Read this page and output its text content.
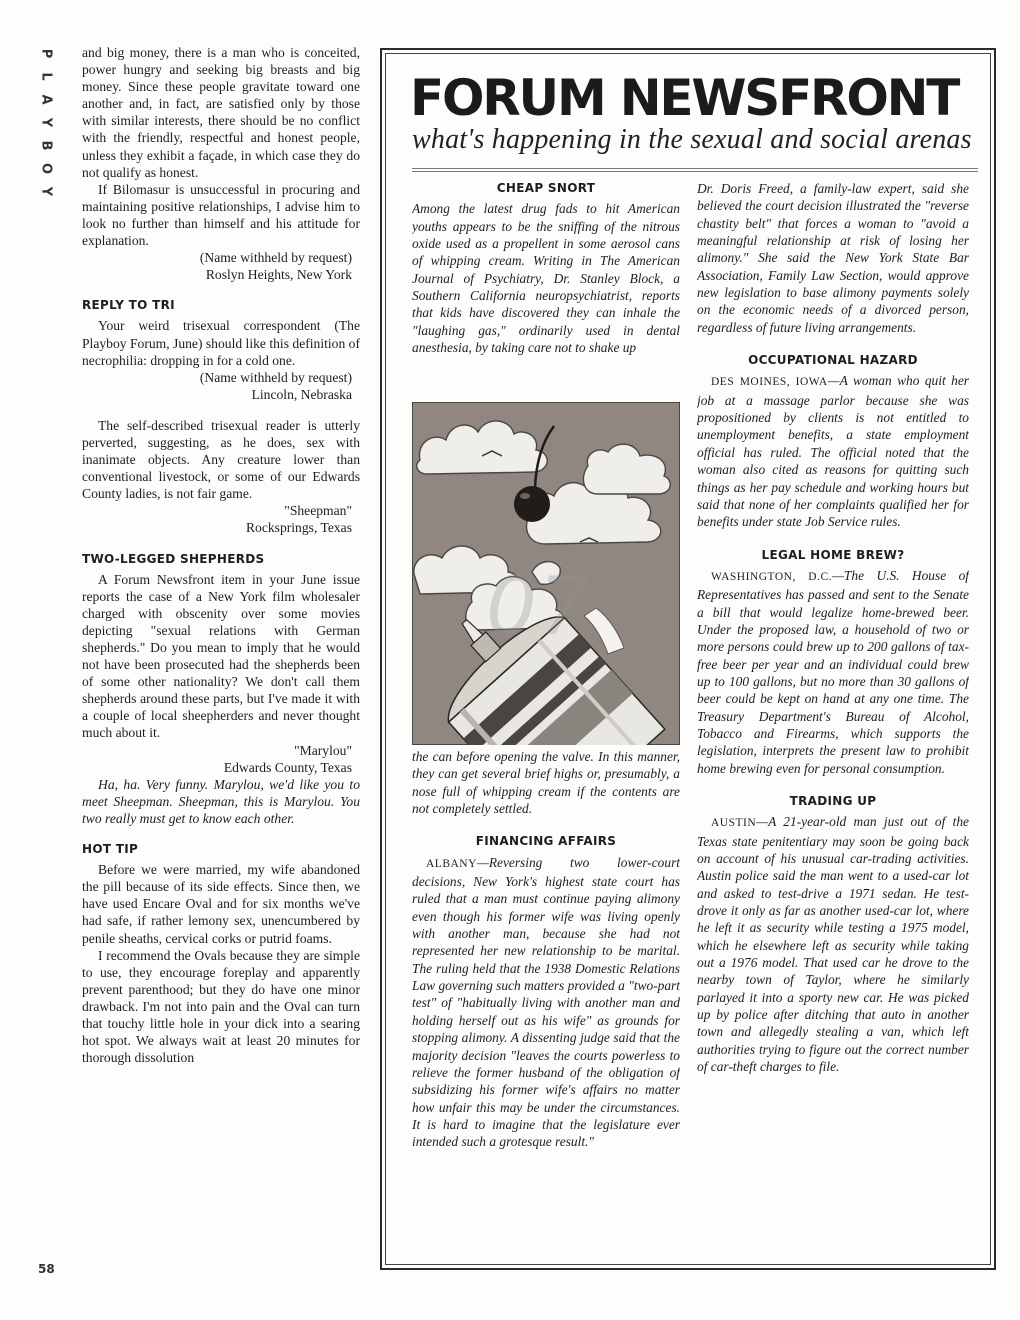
P
L
A
Y
B
O
Y
58

and big money, there is a man who is conceited, power hungry and seeking big breasts and big money. Since these people gravitate toward one another and, in fact, are satisfied only by those with similar interests, there should be no conflict with the friendly, respectful and honest people, unless they exhibit a façade, in which case they do not qualify as honest.

If Bilomasur is unsuccessful in procuring and maintaining positive relationships, I advise him to look no further than himself and his attitude for explanation.

(Name withheld by request)
Roslyn Heights, New York
REPLY TO TRI

Your weird trisexual correspondent (The Playboy Forum, June) should like this definition of necrophilia: dropping in for a cold one.

(Name withheld by request)
Lincoln, Nebraska

The self-described trisexual reader is utterly perverted, suggesting, as he does, sex with inanimate objects. Any creature lower than conventional livestock, or some of our Edwards County ladies, is not fair game.

"Sheepman"
Rocksprings, Texas
TWO-LEGGED SHEPHERDS

A Forum Newsfront item in your June issue reports the case of a New York film wholesaler charged with obscenity over some movies depicting "sexual relations with German shepherds." Do you mean to imply that he would not have been prosecuted had the shepherds been of some other nationality? We don't call them shepherds around these parts, but I've made it with a couple of local sheepherders and never thought much about it.

"Marylou"
Edwards County, Texas

Ha, ha. Very funny. Marylou, we'd like you to meet Sheepman. Sheepman, this is Marylou. You two really must get to know each other.

HOT TIP

Before we were married, my wife abandoned the pill because of its side effects. Since then, we have used Encare Oval and for six months we've had safe, if rather lemony sex, unencumbered by penile sheaths, cervical corks or putrid foams.

I recommend the Ovals because they are simple to use, they encourage foreplay and apparently prevent parenthood; but they do have one minor drawback. I'm not into pain and the Oval can turn that touchy little hole in your dick into a searing hot spot. We always wait at least 20 minutes for thorough dissolution

FORUM NEWSFRONT
what's happening in the sexual and social arenas
CHEAP SNORT

Among the latest drug fads to hit American youths appears to be the sniffing of the nitrous oxide used as a propellent in some aerosol cans of whipping cream. Writing in The American Journal of Psychiatry, Dr. Stanley Block, a Southern California neuropsychiatrist, reports that kids have discovered they can inhale the "laughing gas," ordinarily used in dental anesthesia, by taking care not to shake up

07

the can before opening the valve. In this manner, they can get several brief highs or, presumably, a nose full of whipping cream if the contents are not completely settled.

FINANCING AFFAIRS

ALBANY—Reversing two lower-court decisions, New York's highest state court has ruled that a man must continue paying alimony even though his former wife was living openly with another man, because she had not represented her new relationship to be marital. The ruling held that the 1938 Domestic Relations Law governing such matters provided a "two-part test" of "habitually living with another man and holding herself out as his wife" as grounds for stopping alimony. A dissenting judge said that the majority decision "leaves the courts powerless to relieve the former husband of the obligation of subsidizing his former wife's affairs no matter how unfair this may be under the circumstances. It is hard to imagine that the legislature ever intended such a grotesque result."

Dr. Doris Freed, a family-law expert, said she believed the court decision illustrated the "reverse chastity belt" that forces a woman to "avoid a meaningful relationship at risk of losing her alimony." She said the New York State Bar Association, Family Law Section, would approve new legislation to base alimony payments solely on the economic needs of a divorced person, regardless of future living arrangements.

OCCUPATIONAL HAZARD

DES MOINES, IOWA—A woman who quit her job at a massage parlor because she was propositioned by clients is not entitled to unemployment benefits, a state employment official has ruled. The official noted that the woman also cited as reasons for quitting such things as her pay schedule and working hours but said that none of her complaints qualified her for benefits under state Job Service rules.

LEGAL HOME BREW?

WASHINGTON, D.C.—The U.S. House of Representatives has passed and sent to the Senate a bill that would legalize home-brewed beer. Under the proposed law, a household of two or more persons could brew up to 200 gallons of tax-free beer per year and an individual could brew up to 100 gallons, but no more than 30 gallons of beer could be kept on hand at any one time. The Treasury Department's Bureau of Alcohol, Tobacco and Firearms, which supports the legislation, interprets the present law to prohibit home brewing even for personal consumption.

TRADING UP

AUSTIN—A 21-year-old man just out of the Texas state penitentiary may soon be going back on account of his unusual car-trading activities. Austin police said the man went to a used-car lot and asked to test-drive a 1971 sedan. He test-drove it only as far as another used-car lot, where he left it as security while testing a 1975 model, which he elsewhere left as security while taking out a 1976 model. That used car he drove to the nearby town of Taylor, where he similarly parlayed it into a sporty new car. He was picked up by police after ditching that auto in another town and allegedly stealing a van, which left authorities trying to figure out the correct number of car-theft charges to file.
